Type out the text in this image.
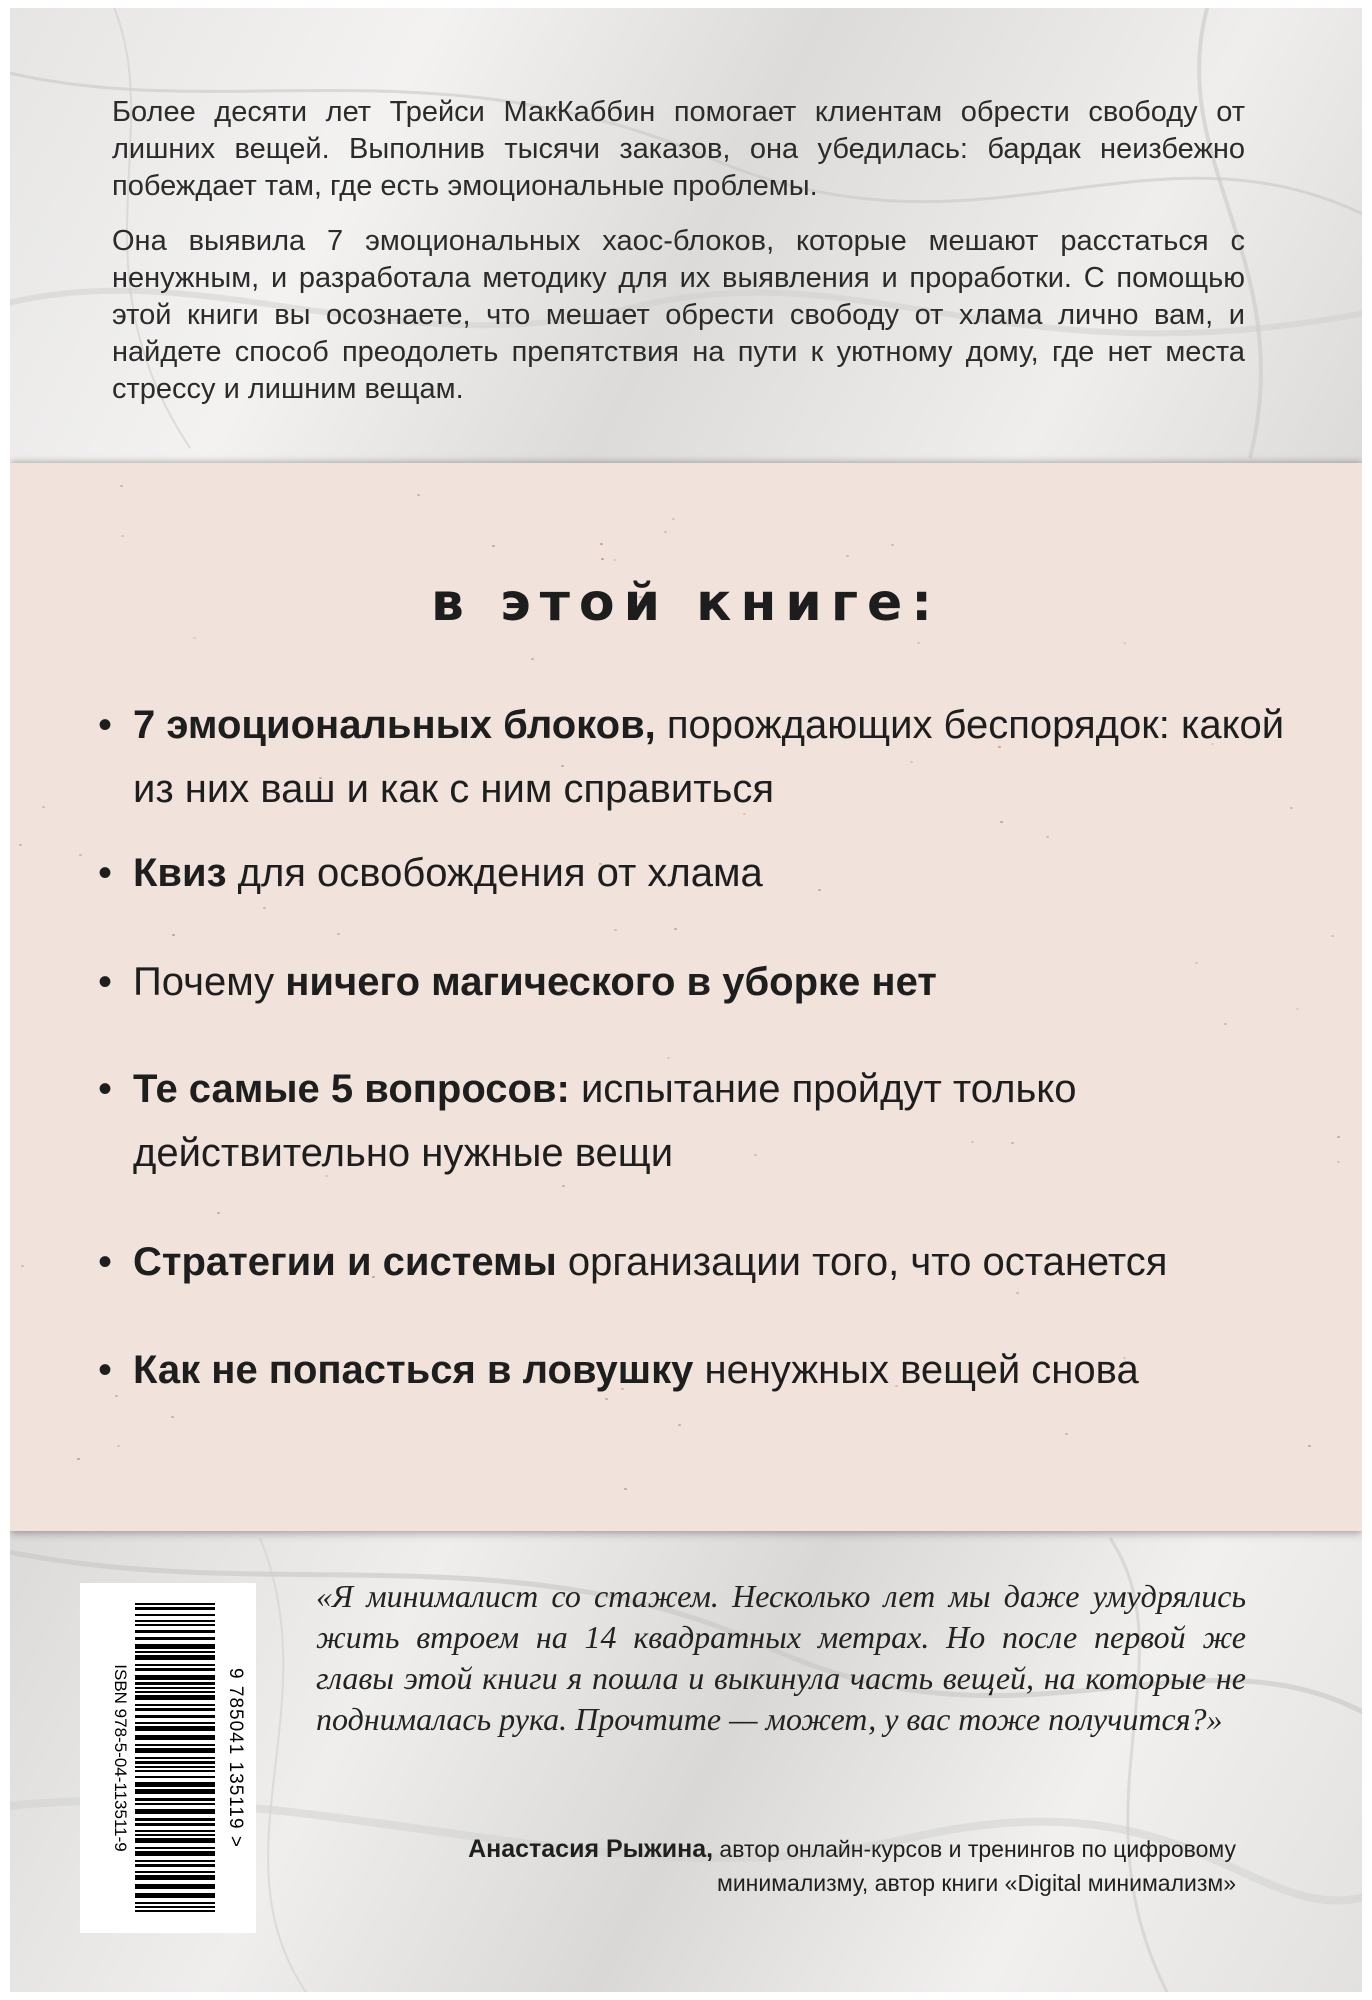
Более десяти лет Трейси МакКаббин помогает клиентам обрести свободу от лишних вещей. Выполнив тысячи заказов, она убедилась: бардак неизбежно побеждает там, где есть эмоциональные проблемы.

Она выявила 7 эмоциональных хаос-блоков, которые мешают расстаться с ненужным, и разработала методику для их выявления и проработки. С помощью этой книги вы осознаете, что мешает обрести свободу от хлама лично вам, и найдете способ преодолеть препятствия на пути к уютному дому, где нет места стрессу и лишним вещам.

в этой книге:
• 7 эмоциональных блоков, порождающих беспорядок: какой из них ваш и как с ним справиться
• Квиз для освобождения от хлама
• Почему ничего магического в уборке нет
• Те самые 5 вопросов: испытание пройдут только действительно нужные вещи
• Стратегии и системы организации того, что останется
• Как не попасться в ловушку ненужных вещей снова
ISBN 978-5-04-113511-9	9 785041 135119 >

«Я минималист со стажем. Несколько лет мы даже умудрялись жить втроем на 14 квадратных метрах. Но после первой же главы этой книги я пошла и выкинула часть вещей, на которые не поднималась рука. Прочтите — может, у вас тоже получится?»

Анастасия Рыжина, автор онлайн-курсов и тренингов по цифровому минимализму, автор книги «Digital минимализм»
